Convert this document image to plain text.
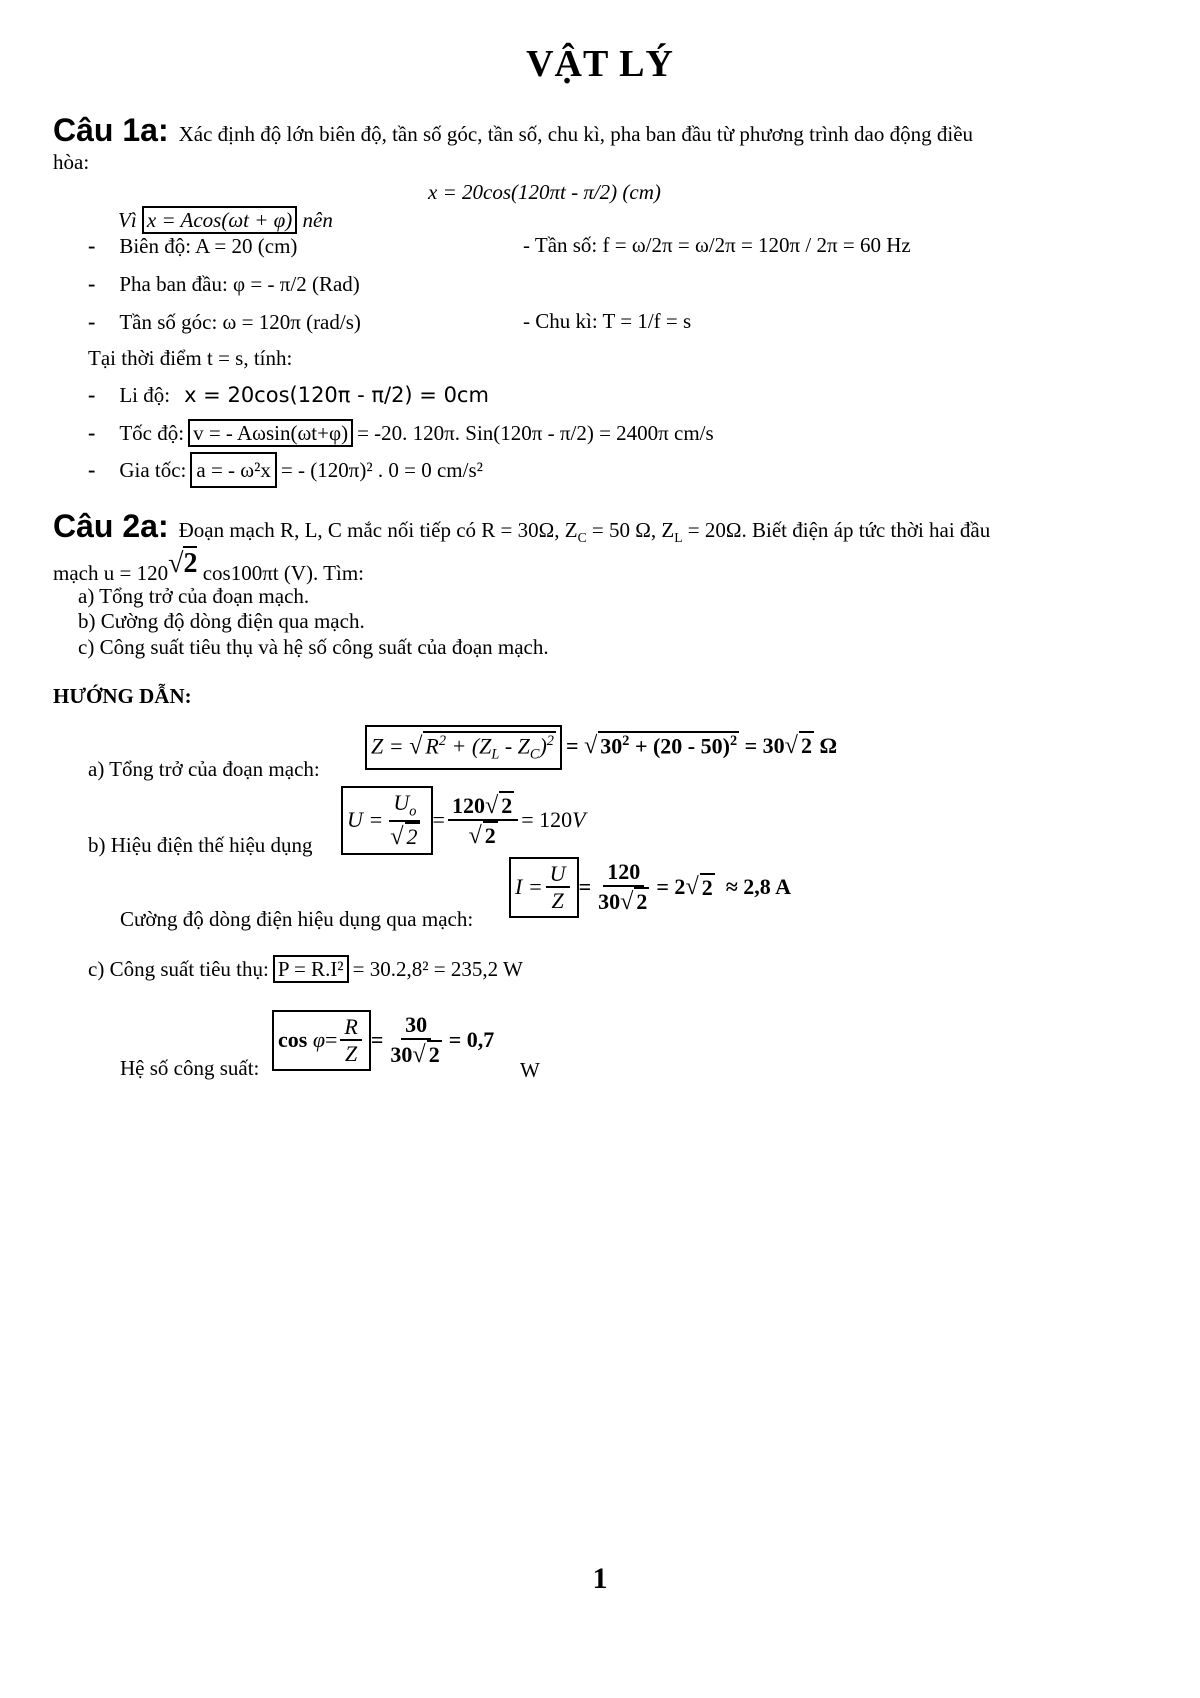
VẬT LÝ
Câu 1a: Xác định độ lớn biên độ, tần số góc, tần số, chu kì, pha ban đầu từ phương trình dao động điều
hòa:
x = 20cos(120πt - π/2) (cm)
Vì x = Acos(ωt + φ) nên
- Biên độ: A = 20 (cm)	- Tần số: f = ω/2π = ω/2π = 120π / 2π = 60 Hz
- Pha ban đầu: φ = - π/2 (Rad)
- Tần số góc: ω = 120π (rad/s)	- Chu kì: T = 1/f = s
Tại thời điểm t = s, tính:
- Li độ: x = 20cos(120π - π/2) = 0cm
- Tốc độ: v = - Aωsin(ωt+φ) = -20. 120π. Sin(120π - π/2) = 2400π cm/s
- Gia tốc: a = - ω²x = - (120π)² . 0 = 0 cm/s²
Câu 2a: Đoạn mạch R, L, C mắc nối tiếp có R = 30Ω, $Z_C = 50$ Ω, $Z_L = 20\Omega$. Biết điện áp tức thời hai đầu
mạch u = 120√2 cos100πt (V). Tìm:
a) Tổng trở của đoạn mạch.
b) Cường độ dòng điện qua mạch.
c) Công suất tiêu thụ và hệ số công suất của đoạn mạch.
HƯỚNG DẪN:
a) Tổng trở của đoạn mạch:
Z = √ $R^2 + (Z_L - Z_C)^2$ = √ $30^2 + (20 - 50)^2 = 30√$ 2 Ω
b) Hiệu điện thế hiệu dụng
$U = \frac{U_o}{√ 2} = \frac{120√ 2}{√ 2} = 120$ V
Cường độ dòng điện hiệu dụng qua mạch:
$I = \frac{U}{Z} = \frac{120}{30√ 2} = 2$ √ 2
≈ 2,8 A
c) Công suất tiêu thụ: P = R.I² = 30.2,8² = 235,2 W
Hệ số công suất:
cos
$\varphi = \frac{R}{Z} = \frac{30}{30√ 2} = 0,7$
W
1
